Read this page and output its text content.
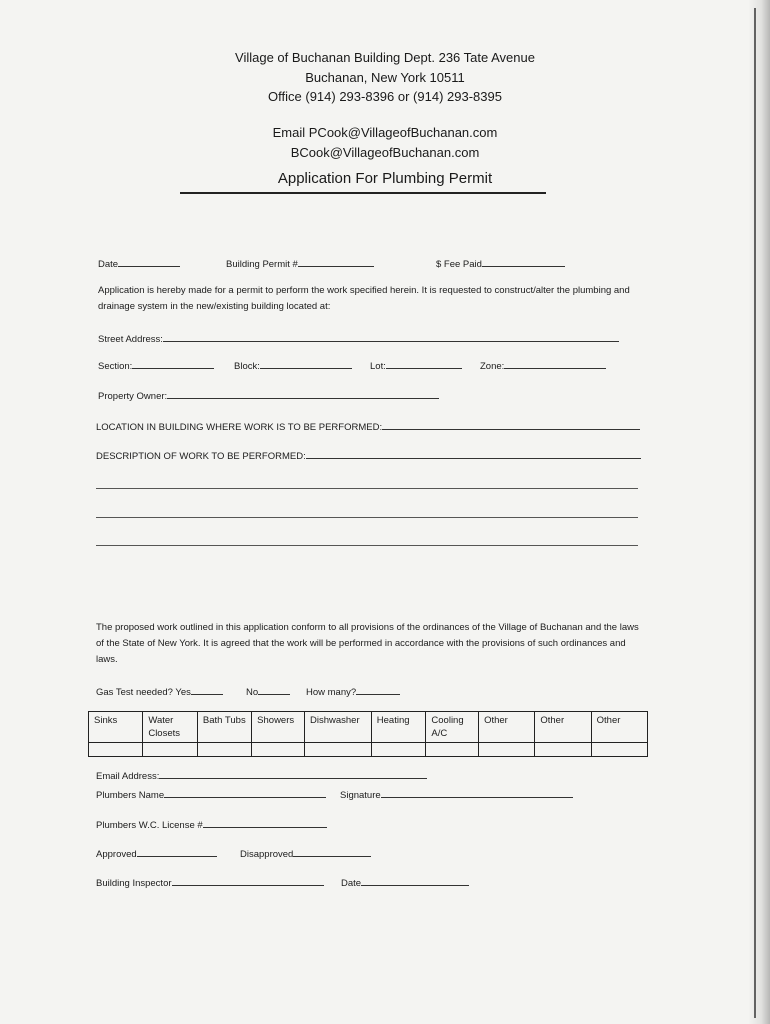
Village of Buchanan Building Dept. 236 Tate Avenue
Buchanan, New York 10511
Office (914) 293-8396 or (914) 293-8395
Email PCook@VillageofBuchanan.com
BCook@VillageofBuchanan.com
Application For Plumbing Permit
Date	Building Permit #	$ Fee Paid
Application is hereby made for a permit to perform the work specified herein. It is requested to construct/alter the plumbing and drainage system in the new/existing building located at:
Street Address:
Section:	Block:	Lot:	Zone:
Property Owner:
LOCATION IN BUILDING WHERE WORK IS TO BE PERFORMED:
DESCRIPTION OF WORK TO BE PERFORMED:
The proposed work outlined in this application conform to all provisions of the ordinances of the Village of Buchanan and the laws of the State of New York. It is agreed that the work will be performed in accordance with the provisions of such ordinances and laws.
Gas Test needed? Yes	No	How many?
Sinks	Water Closets	Bath Tubs	Showers	Dishwasher	Heating	Cooling A/C	Other	Other	Other

Email Address:
Plumbers Name	Signature
Plumbers W.C. License #
Approved	Disapproved
Building Inspector	Date
